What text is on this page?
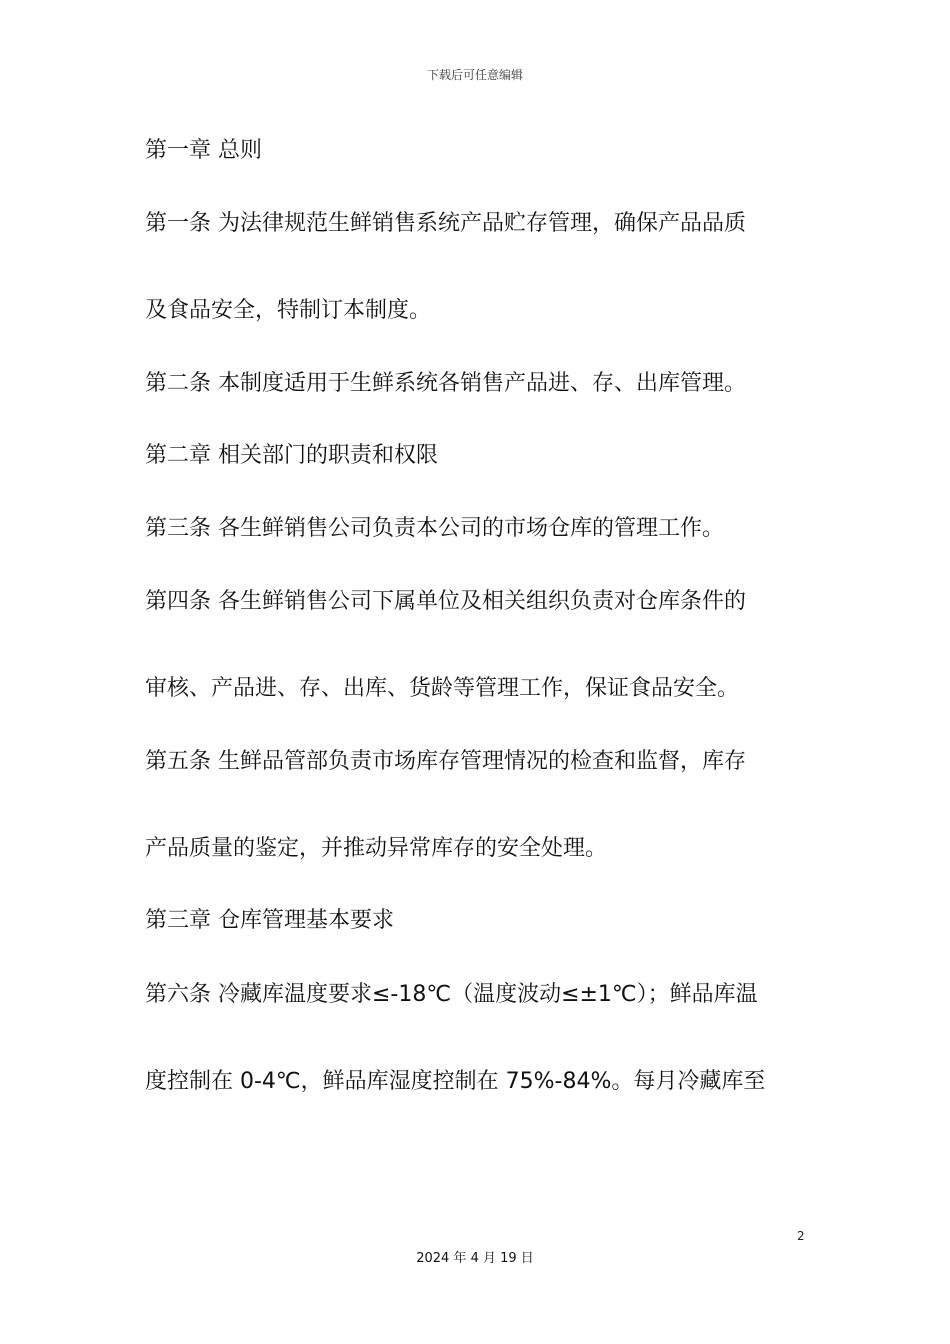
下载后可任意编辑
第一章 总则
第一条 为法律规范生鲜销售系统产品贮存管理，确保产品品质
及食品安全，特制订本制度。
第二条 本制度适用于生鲜系统各销售产品进、存、出库管理。
第二章 相关部门的职责和权限
第三条 各生鲜销售公司负责本公司的市场仓库的管理工作。
第四条 各生鲜销售公司下属单位及相关组织负责对仓库条件的
审核、产品进、存、出库、货龄等管理工作，保证食品安全。
第五条 生鲜品管部负责市场库存管理情况的检查和监督，库存
产品质量的鉴定，并推动异常库存的安全处理。
第三章 仓库管理基本要求
第六条 冷藏库温度要求≤-18℃（温度波动≤±1℃）；鲜品库温
度控制在 0-4℃，鲜品库湿度控制在 75%-84%。每月冷藏库至
2
2024 年 4 月 19 日
